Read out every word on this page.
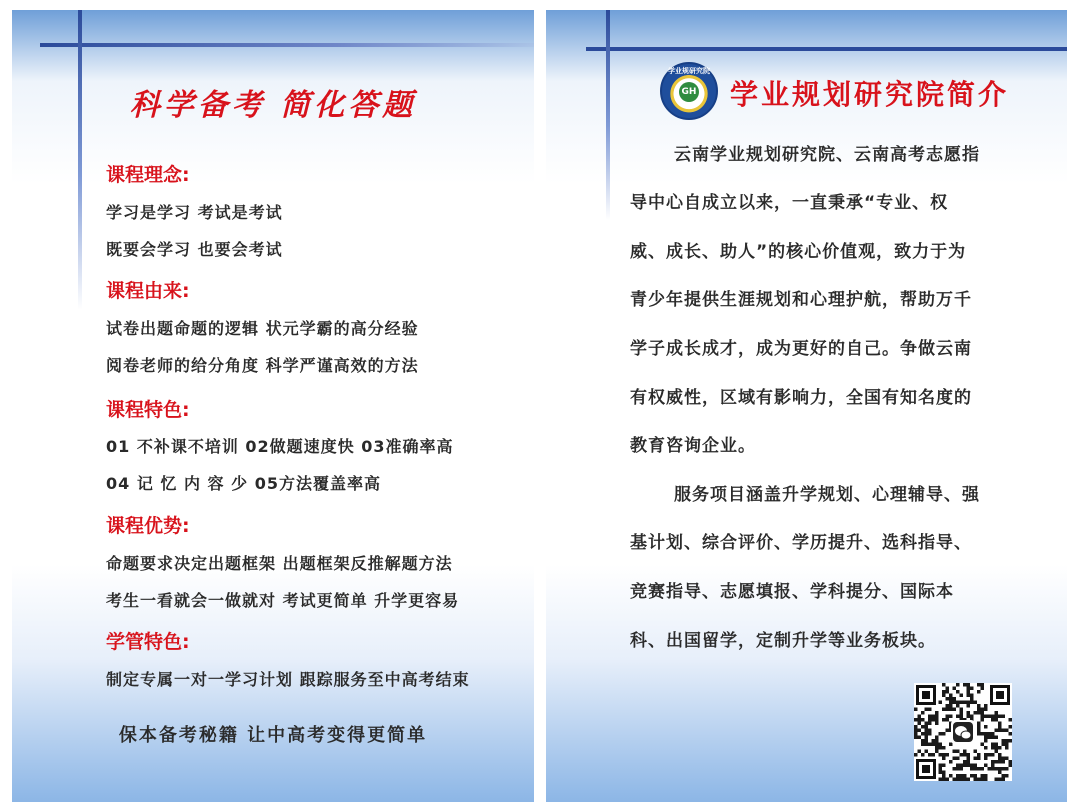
科学备考 简化答题
课程理念:
学习是学习 考试是考试
既要会学习 也要会考试
课程由来:
试卷出题命题的逻辑 状元学霸的高分经验
阅卷老师的给分角度 科学严谨高效的方法
课程特色:
01 不补课不培训 02做题速度快 03准确率高
04 记 忆 内 容 少 05方法覆盖率高
课程优势:
命题要求决定出题框架 出题框架反推解题方法
考生一看就会一做就对 考试更简单 升学更容易
学管特色:
制定专属一对一学习计划 跟踪服务至中高考结束
保本备考秘籍 让中高考变得更简单
学业规研究院
GH 学业规划研究院简介
云南学业规划研究院、云南高考志愿指
导中心自成立以来，一直秉承“专业、权
威、成长、助人”的核心价值观，致力于为
青少年提供生涯规划和心理护航，帮助万千
学子成长成才，成为更好的自己。争做云南
有权威性，区域有影响力，全国有知名度的
教育咨询企业。
服务项目涵盖升学规划、心理辅导、强
基计划、综合评价、学历提升、选科指导、
竞赛指导、志愿填报、学科提分、国际本
科、出国留学，定制升学等业务板块。
